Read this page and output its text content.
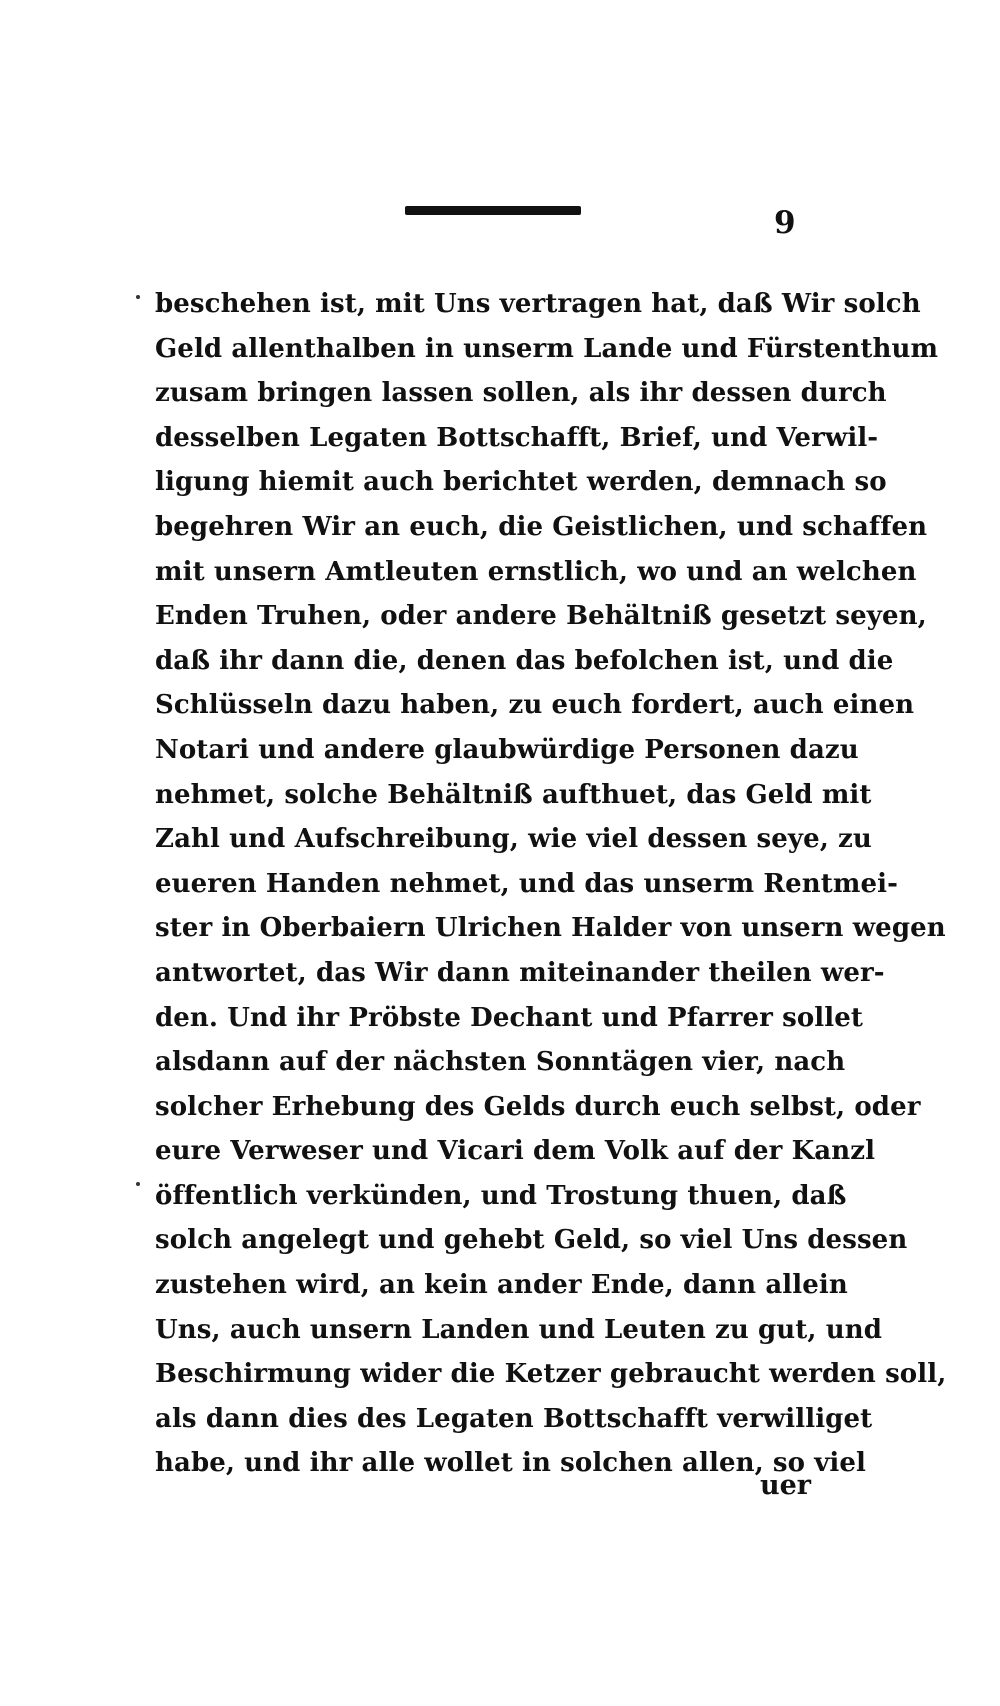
9
beschehen ist, mit Uns vertragen hat, daß Wir solch
Geld allenthalben in unserm Lande und Fürstenthum
zusam bringen lassen sollen, als ihr dessen durch
desselben Legaten Bottschafft, Brief, und Verwil-
ligung hiemit auch berichtet werden, demnach so
begehren Wir an euch, die Geistlichen, und schaffen
mit unsern Amtleuten ernstlich, wo und an welchen
Enden Truhen, oder andere Behältniß gesetzt seyen,
daß ihr dann die, denen das befolchen ist, und die
Schlüsseln dazu haben, zu euch fordert, auch einen
Notari und andere glaubwürdige Personen dazu
nehmet, solche Behältniß aufthuet, das Geld mit
Zahl und Aufschreibung, wie viel dessen seye, zu
eueren Handen nehmet, und das unserm Rentmei-
ster in Oberbaiern Ulrichen Halder von unsern wegen
antwortet, das Wir dann miteinander theilen wer-
den. Und ihr Pröbste Dechant und Pfarrer sollet
alsdann auf der nächsten Sonntägen vier, nach
solcher Erhebung des Gelds durch euch selbst, oder
eure Verweser und Vicari dem Volk auf der Kanzl
öffentlich verkünden, und Trostung thuen, daß
solch angelegt und gehebt Geld, so viel Uns dessen
zustehen wird, an kein ander Ende, dann allein
Uns, auch unsern Landen und Leuten zu gut, und
Beschirmung wider die Ketzer gebraucht werden soll,
als dann dies des Legaten Bottschafft verwilliget
habe, und ihr alle wollet in solchen allen, so viel
uer
